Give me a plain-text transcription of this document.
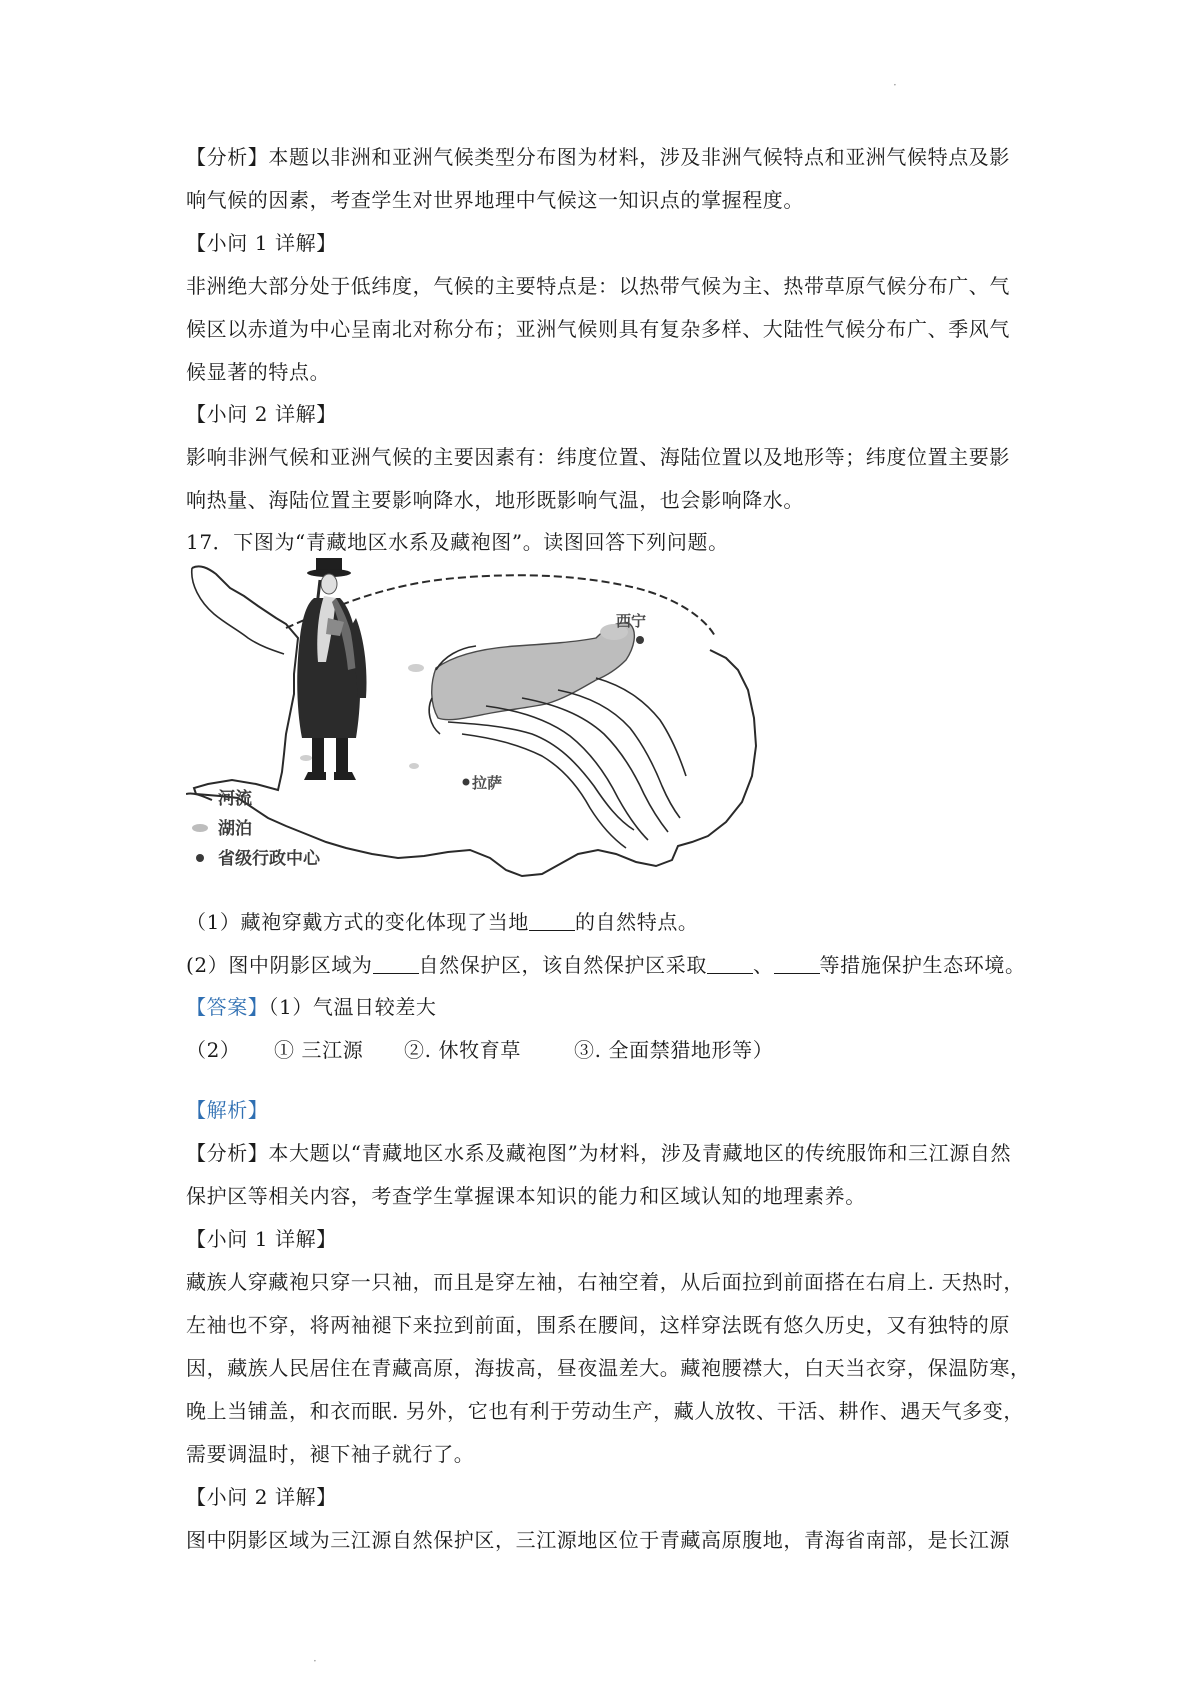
·
【分析】本题以非洲和亚洲气候类型分布图为材料，涉及非洲气候特点和亚洲气候特点及影
响气候的因素，考查学生对世界地理中气候这一知识点的掌握程度。
【小问 1 详解】
非洲绝大部分处于低纬度，气候的主要特点是：以热带气候为主、热带草原气候分布广、气
候区以赤道为中心呈南北对称分布；亚洲气候则具有复杂多样、大陆性气候分布广、季风气
候显著的特点。
【小问 2 详解】
影响非洲气候和亚洲气候的主要因素有：纬度位置、海陆位置以及地形等；纬度位置主要影
响热量、海陆位置主要影响降水，地形既影响气温，也会影响降水。
17．下图为“青藏地区水系及藏袍图”。读图回答下列问题。
西宁
拉萨
河流
湖泊
省级行政中心
（1）藏袍穿戴方式的变化体现了当地 的自然特点。
(2）图中阴影区域为 自然保护区，该自然保护区采取 、 等措施保护生态环境。
【答案】（1）气温日较差大
（2） ① 三江源 ②. 休牧育草	③. 全面禁猎地形等）
【解析】
【分析】本大题以“青藏地区水系及藏袍图”为材料，涉及青藏地区的传统服饰和三江源自然
保护区等相关内容，考查学生掌握课本知识的能力和区域认知的地理素养。
【小问 1 详解】
藏族人穿藏袍只穿一只袖，而且是穿左袖，右袖空着，从后面拉到前面搭在右肩上. 天热时，
左袖也不穿，将两袖褪下来拉到前面，围系在腰间，这样穿法既有悠久历史，又有独特的原
因，藏族人民居住在青藏高原，海拔高，昼夜温差大。藏袍腰襟大，白天当衣穿，保温防寒，
晚上当铺盖，和衣而眠. 另外，它也有利于劳动生产，藏人放牧、干活、耕作、遇天气多变，
需要调温时，褪下袖子就行了。
【小问 2 详解】
图中阴影区域为三江源自然保护区，三江源地区位于青藏高原腹地，青海省南部，是长江源
·
